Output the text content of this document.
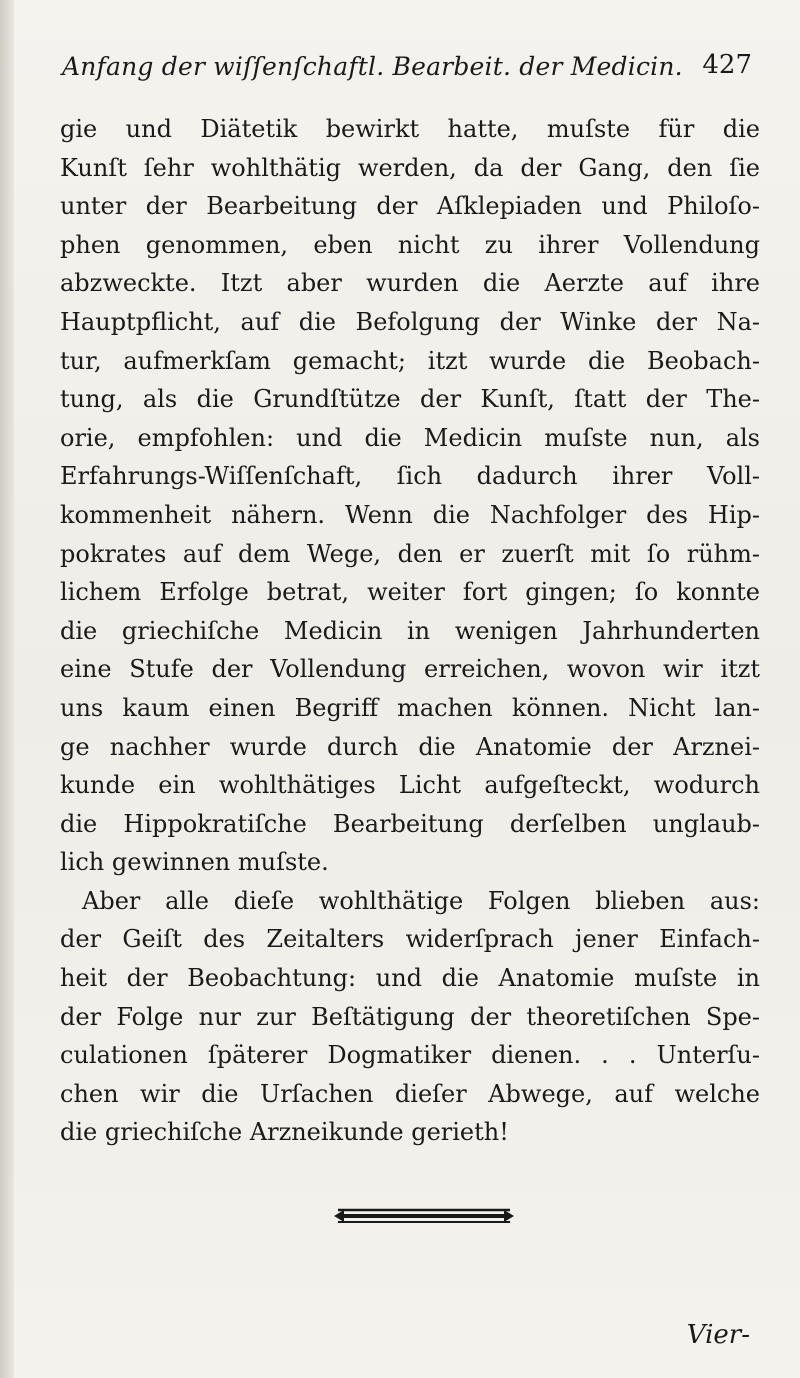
Anfang der wiſſenſchaftl. Bearbeit. der Medicin. 427
gie und Diätetik bewirkt hatte, muſste für die
Kunſt ſehr wohlthätig werden, da der Gang, den ſie
unter der Bearbeitung der Aſklepiaden und Philoſo-
phen genommen, eben nicht zu ihrer Vollendung
abzweckte. Itzt aber wurden die Aerzte auf ihre
Hauptpflicht, auf die Befolgung der Winke der Na-
tur, aufmerkſam gemacht; itzt wurde die Beobach-
tung, als die Grundſtütze der Kunſt, ſtatt der The-
orie, empfohlen: und die Medicin muſste nun, als
Erfahrungs-Wiſſenſchaft, ſich dadurch ihrer Voll-
kommenheit nähern. Wenn die Nachfolger des Hip-
pokrates auf dem Wege, den er zuerſt mit ſo rühm-
lichem Erfolge betrat, weiter fort gingen; ſo konnte
die griechiſche Medicin in wenigen Jahrhunderten
eine Stufe der Vollendung erreichen, wovon wir itzt
uns kaum einen Begriff machen können. Nicht lan-
ge nachher wurde durch die Anatomie der Arznei-
kunde ein wohlthätiges Licht aufgeſteckt, wodurch
die Hippokratiſche Bearbeitung derſelben unglaub-
lich gewinnen muſste.
Aber alle dieſe wohlthätige Folgen blieben aus:
der Geiſt des Zeitalters widerſprach jener Einfach-
heit der Beobachtung: und die Anatomie muſste in
der Folge nur zur Beſtätigung der theoretiſchen Spe-
culationen ſpäterer Dogmatiker dienen. . . Unterſu-
chen wir die Urſachen dieſer Abwege, auf welche
die griechiſche Arzneikunde gerieth!
Vier-
